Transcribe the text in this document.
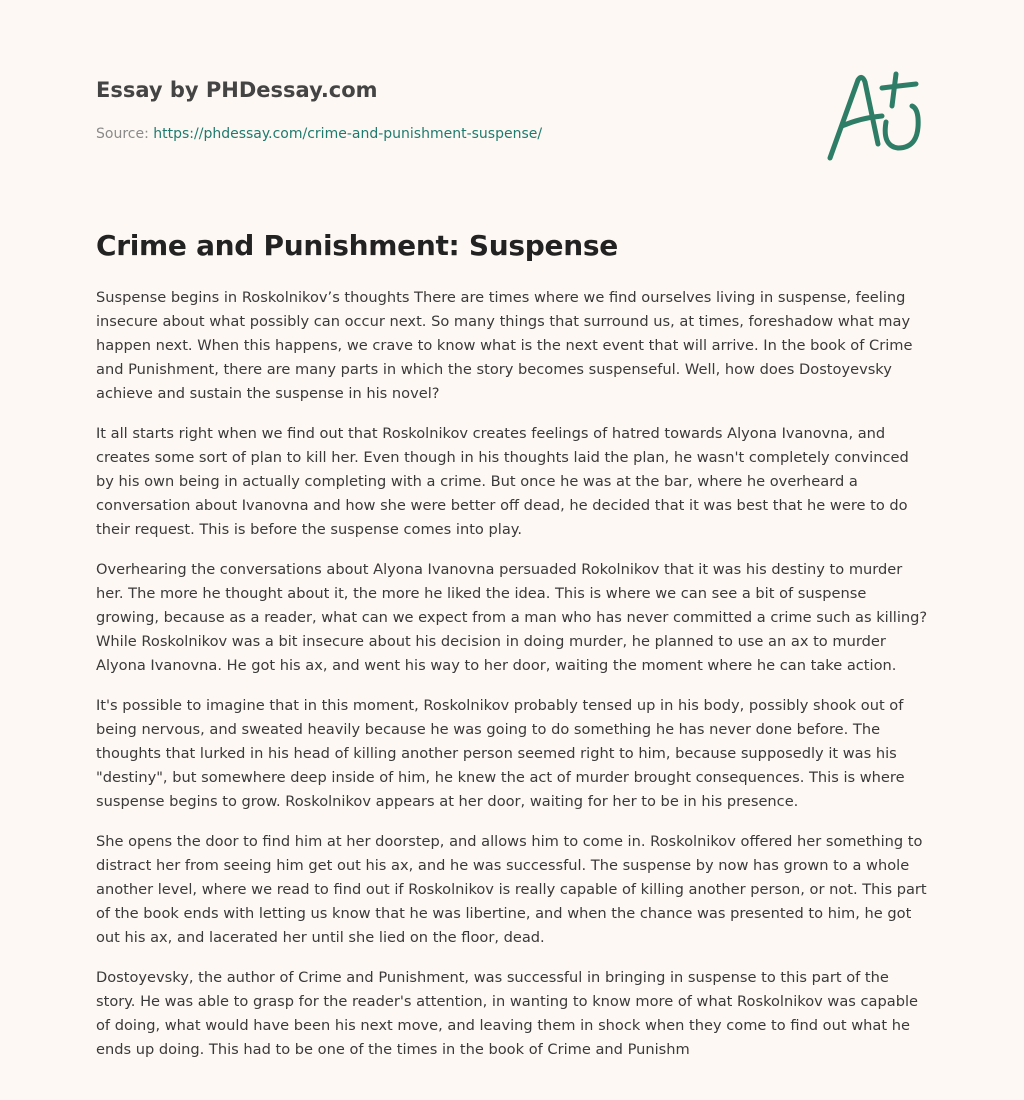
Essay by PHDessay.com
Source: https://phdessay.com/crime-and-punishment-suspense/
Crime and Punishment: Suspense

Suspense begins in Roskolnikov’s thoughts There are times where we find ourselves living in suspense, feeling insecure about what possibly can occur next. So many things that surround us, at times, foreshadow what may happen next. When this happens, we crave to know what is the next event that will arrive. In the book of Crime and Punishment, there are many parts in which the story becomes suspenseful. Well, how does Dostoyevsky achieve and sustain the suspense in his novel?

It all starts right when we find out that Roskolnikov creates feelings of hatred towards Alyona Ivanovna, and creates some sort of plan to kill her. Even though in his thoughts laid the plan, he wasn't completely convinced by his own being in actually completing with a crime. But once he was at the bar, where he overheard a conversation about Ivanovna and how she were better off dead, he decided that it was best that he were to do their request. This is before the suspense comes into play.

Overhearing the conversations about Alyona Ivanovna persuaded Rokolnikov that it was his destiny to murder her. The more he thought about it, the more he liked the idea. This is where we can see a bit of suspense growing, because as a reader, what can we expect from a man who has never committed a crime such as killing? While Roskolnikov was a bit insecure about his decision in doing murder, he planned to use an ax to murder Alyona Ivanovna. He got his ax, and went his way to her door, waiting the moment where he can take action.

It's possible to imagine that in this moment, Roskolnikov probably tensed up in his body, possibly shook out of being nervous, and sweated heavily because he was going to do something he has never done before. The thoughts that lurked in his head of killing another person seemed right to him, because supposedly it was his "destiny", but somewhere deep inside of him, he knew the act of murder brought consequences. This is where suspense begins to grow. Roskolnikov appears at her door, waiting for her to be in his presence.

She opens the door to find him at her doorstep, and allows him to come in. Roskolnikov offered her something to distract her from seeing him get out his ax, and he was successful. The suspense by now has grown to a whole another level, where we read to find out if Roskolnikov is really capable of killing another person, or not. This part of the book ends with letting us know that he was libertine, and when the chance was presented to him, he got out his ax, and lacerated her until she lied on the floor, dead.

Dostoyevsky, the author of Crime and Punishment, was successful in bringing in suspense to this part of the story. He was able to grasp for the reader's attention, in wanting to know more of what Roskolnikov was capable of doing, what would have been his next move, and leaving them in shock when they come to find out what he ends up doing. This had to be one of the times in the book of Crime and Punishm
